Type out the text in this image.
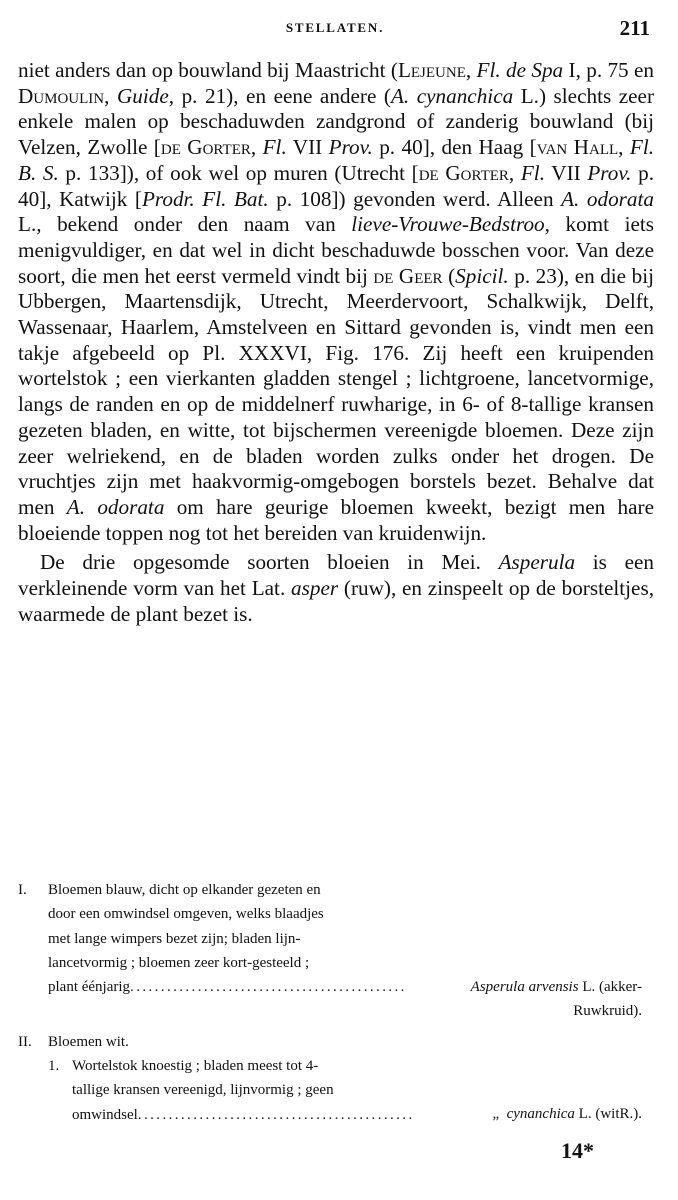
STELLATEN.	211

niet anders dan op bouwland bij Maastricht (Lejeune, Fl. de Spa I, p. 75 en Dumoulin, Guide, p. 21), en eene andere (A. cynanchica L.) slechts zeer enkele malen op beschaduwden zandgrond of zanderig bouwland (bij Velzen, Zwolle [de Gorter, Fl. VII Prov. p. 40], den Haag [van Hall, Fl. B. S. p. 133]), of ook wel op muren (Utrecht [de Gorter, Fl. VII Prov. p. 40], Katwijk [Prodr. Fl. Bat. p. 108]) gevonden werd. Alleen A. odorata L., bekend onder den naam van lieve-Vrouwe-Bedstroo, komt iets menigvuldiger, en dat wel in dicht beschaduwde bosschen voor. Van deze soort, die men het eerst vermeld vindt bij de Geer (Spicil. p. 23), en die bij Ubbergen, Maartensdijk, Utrecht, Meerdervoort, Schalkwijk, Delft, Wassenaar, Haarlem, Amstelveen en Sittard gevonden is, vindt men een takje afgebeeld op Pl. XXXVI, Fig. 176. Zij heeft een kruipenden wortelstok ; een vierkanten gladden stengel ; lichtgroene, lancetvormige, langs de randen en op de middelnerf ruwharige, in 6- of 8-tallige kransen gezeten bladen, en witte, tot bijschermen vereenigde bloemen. Deze zijn zeer welriekend, en de bladen worden zulks onder het drogen. De vruchtjes zijn met haakvormig-omgebogen borstels bezet. Behalve dat men A. odorata om hare geurige bloemen kweekt, bezigt men hare bloeiende toppen nog tot het bereiden van kruidenwijn.

De drie opgesomde soorten bloeien in Mei. Asperula is een verkleinende vorm van het Lat. asper (ruw), en zinspeelt op de borsteltjes, waarmede de plant bezet is.

I. Bloemen blauw, dicht op elkander gezeten en
door een omwindsel omgeven, welks blaadjes
met lange wimpers bezet zijn; bladen lijn-
lancetvormig ; bloemen zeer kort-gesteeld ;
plant éénjarig .............................................	Asperula arvensis L. (akker-
Ruwkruid).
II. Bloemen wit.
1. Wortelstok knoestig ; bladen meest tot 4-
tallige kransen vereenigd, lijnvormig ; geen
omwindsel .............................................	„ cynanchica L. (witR.).
14*
